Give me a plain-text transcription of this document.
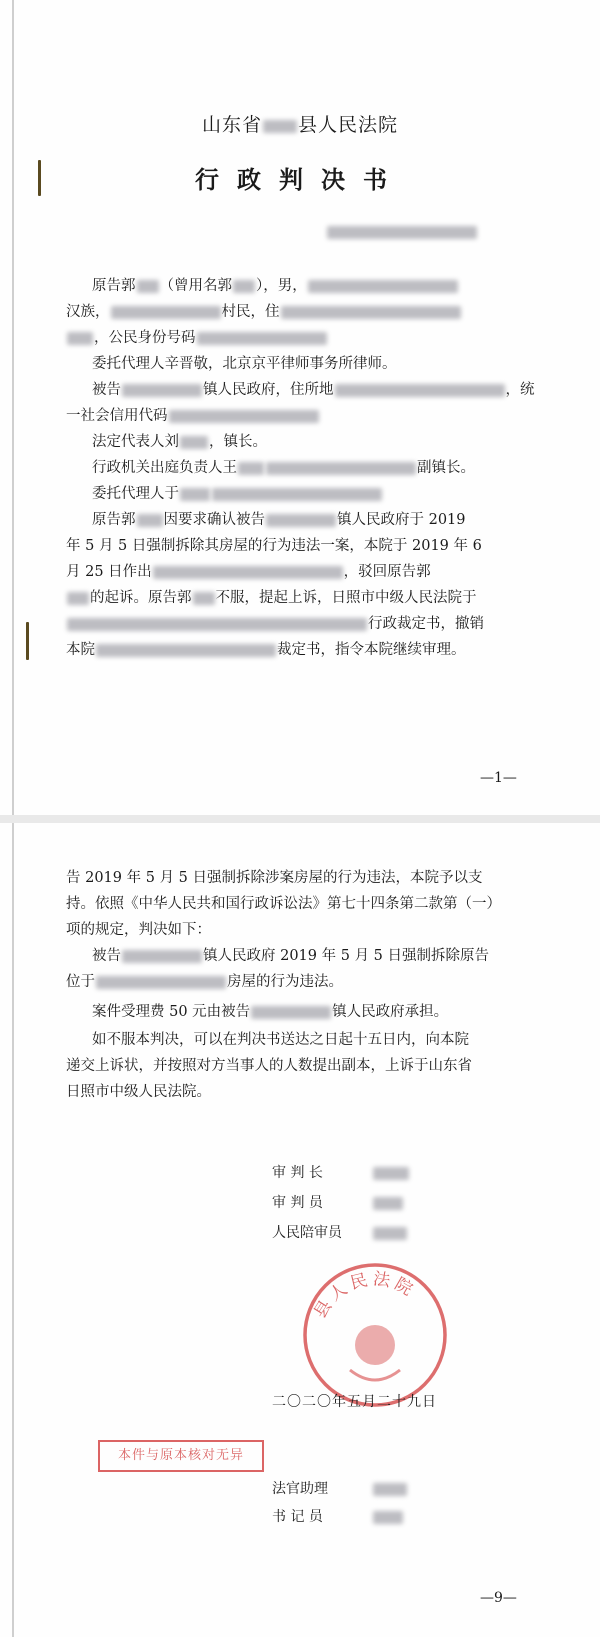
山东省 县人民法院
行政判决书
原告郭 （曾用名郭 ），男，
汉族，	村民，住
，公民身份号码
委托代理人辛晋敬，北京京平律师事务所律师。
被告	镇人民政府，住所地	，统
一社会信用代码
法定代表人刘 ，镇长。
行政机关出庭负责人王	副镇长。
委托代理人于
原告郭 因要求确认被告	镇人民政府于 2019
年 5 月 5 日强制拆除其房屋的行为违法一案，本院于 2019 年 6
月 25 日作出	，驳回原告郭
的起诉。原告郭 不服，提起上诉，日照市中级人民法院于
行政裁定书，撤销
本院	裁定书，指令本院继续审理。
—1—
告 2019 年 5 月 5 日强制拆除涉案房屋的行为违法，本院予以支
持。依照《中华人民共和国行政诉讼法》第七十四条第二款第（一）
项的规定，判决如下：
被告	镇人民政府 2019 年 5 月 5 日强制拆除原告
位于	房屋的行为违法。
案件受理费 50 元由被告	镇人民政府承担。
如不服本判决，可以在判决书送达之日起十五日内，向本院
递交上诉状，并按照对方当事人的人数提出副本，上诉于山东省
日照市中级人民法院。
审 判 长
审 判 员
人民陪审员
县人民法院
二〇二〇年五月二十九日
本件与原本核对无异
法官助理
书 记 员
—9—
